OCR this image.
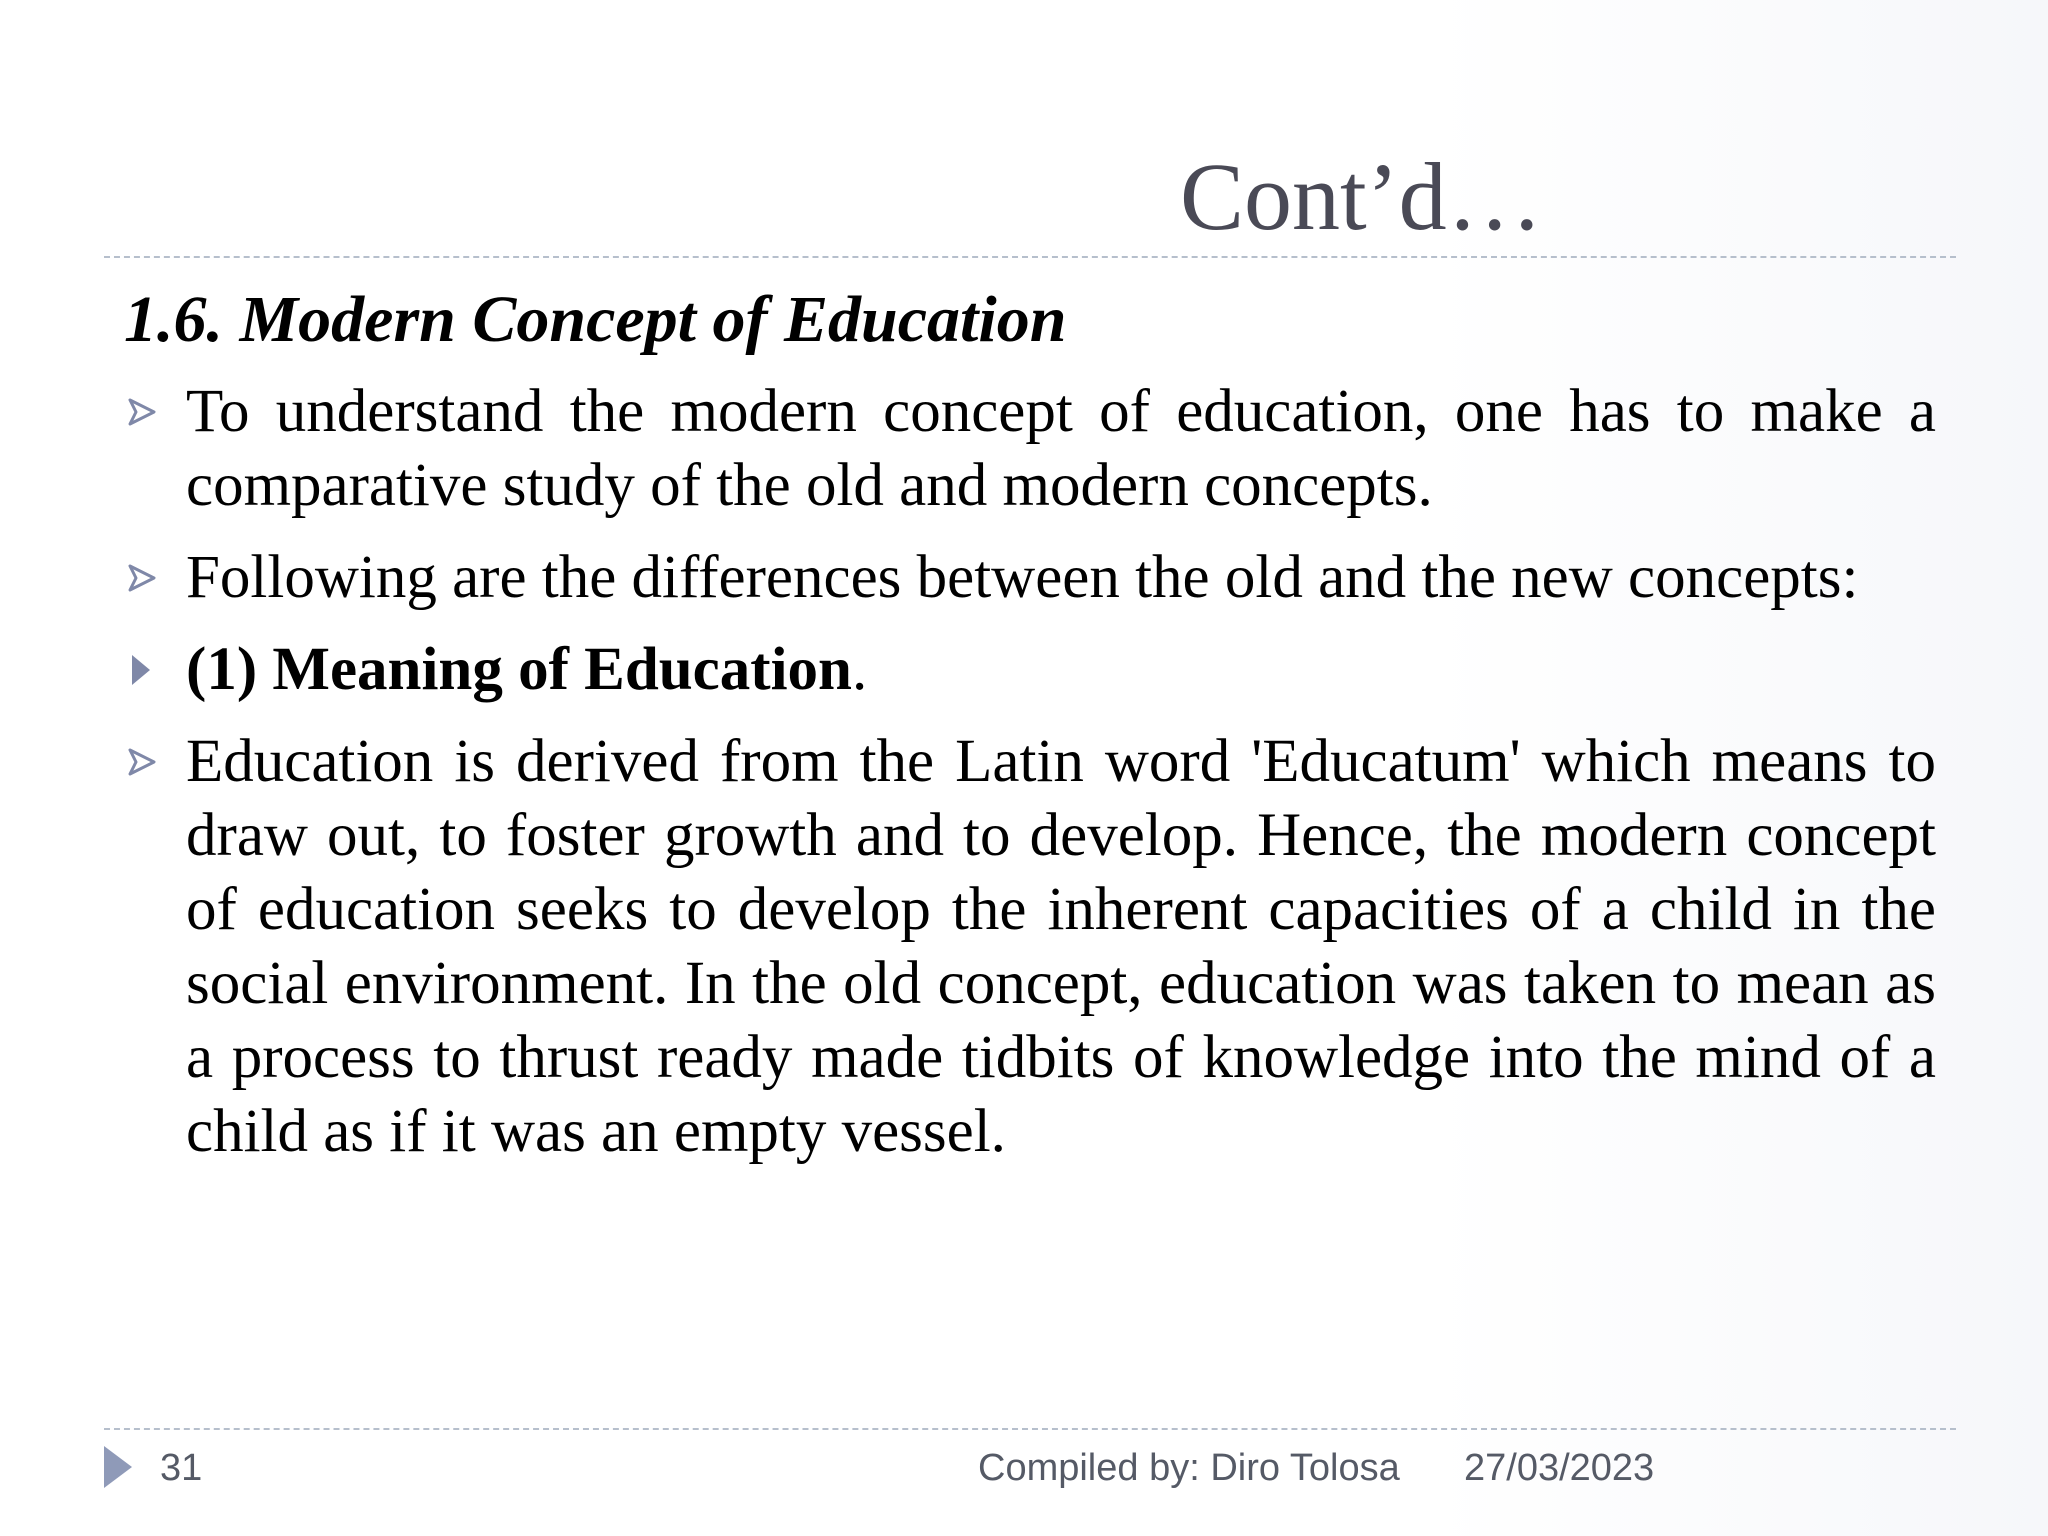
Cont’d…
1.6. Modern Concept of Education
To understand the modern concept of education, one has to make a comparative study of the old and modern concepts.
Following are the differences between the old and the new concepts:
(1) Meaning of Education.
Education is derived from the Latin word 'Educatum' which means to draw out, to foster growth and to develop. Hence, the modern concept of education seeks to develop the inherent capacities of a child in the social environment. In the old concept, education was taken to mean as a process to thrust ready made tidbits of knowledge into the mind of a child as if it was an empty vessel.
31	Compiled by: Diro Tolosa 27/03/2023
